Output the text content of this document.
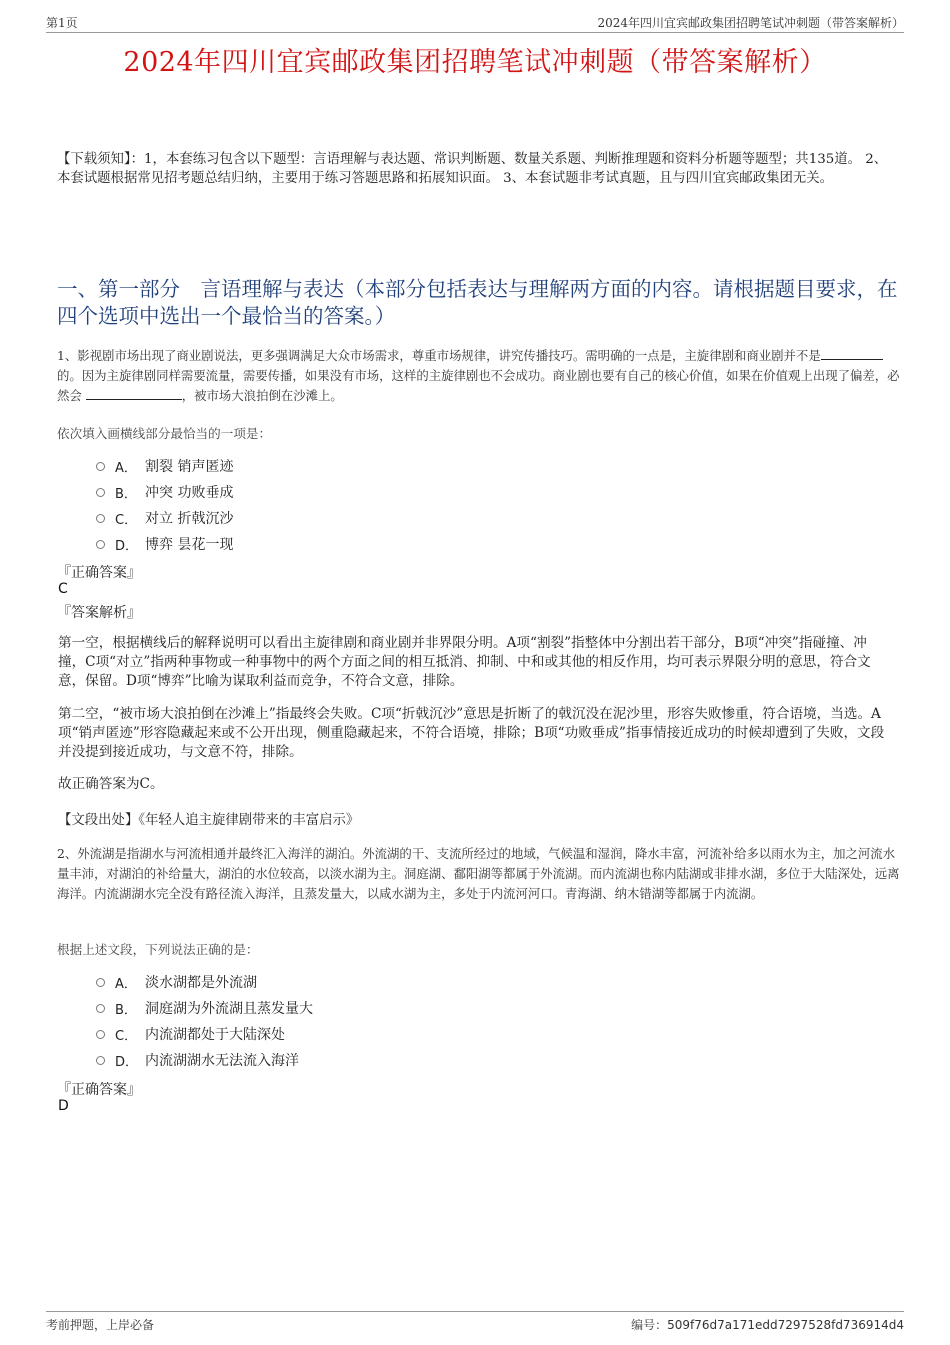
第1页	2024年四川宜宾邮政集团招聘笔试冲刺题（带答案解析）
2024年四川宜宾邮政集团招聘笔试冲刺题（带答案解析）
【下载须知】：1，本套练习包含以下题型：言语理解与表达题、常识判断题、数量关系题、判断推理题和资料分析题等题型；共135道。 2、本套试题根据常见招考题总结归纳，主要用于练习答题思路和拓展知识面。 3、本套试题非考试真题，且与四川宜宾邮政集团无关。
一、第一部分　言语理解与表达（本部分包括表达与理解两方面的内容。请根据题目要求，在四个选项中选出一个最恰当的答案。）
1、影视剧市场出现了商业剧说法，更多强调满足大众市场需求，尊重市场规律，讲究传播技巧。需明确的一点是，主旋律剧和商业剧并不是的。因为主旋律剧同样需要流量，需要传播，如果没有市场，这样的主旋律剧也不会成功。商业剧也要有自己的核心价值，如果在价值观上出现了偏差，必然会	，被市场大浪拍倒在沙滩上。
依次填入画横线部分最恰当的一项是：
A． 割裂 销声匿迹
B． 冲突 功败垂成
C． 对立 折戟沉沙
D． 博弈 昙花一现
『正确答案』
C
『答案解析』
第一空，根据横线后的解释说明可以看出主旋律剧和商业剧并非界限分明。A项“割裂”指整体中分割出若干部分，B项“冲突”指碰撞、冲撞，C项“对立”指两种事物或一种事物中的两个方面之间的相互抵消、抑制、中和或其他的相反作用，均可表示界限分明的意思，符合文意，保留。D项“博弈”比喻为谋取利益而竞争，不符合文意，排除。
第二空，“被市场大浪拍倒在沙滩上”指最终会失败。C项“折戟沉沙”意思是折断了的戟沉没在泥沙里，形容失败惨重，符合语境，当选。A项“销声匿迹”形容隐藏起来或不公开出现，侧重隐藏起来，不符合语境，排除；B项“功败垂成”指事情接近成功的时候却遭到了失败，文段并没提到接近成功，与文意不符，排除。
故正确答案为C。
【文段出处】《年轻人追主旋律剧带来的丰富启示》
2、外流湖是指湖水与河流相通并最终汇入海洋的湖泊。外流湖的干、支流所经过的地域，气候温和湿润，降水丰富，河流补给多以雨水为主，加之河流水量丰沛，对湖泊的补给量大，湖泊的水位较高，以淡水湖为主。洞庭湖、鄱阳湖等都属于外流湖。而内流湖也称内陆湖或非排水湖，多位于大陆深处，远离海洋。内流湖湖水完全没有路径流入海洋，且蒸发量大，以咸水湖为主，多处于内流河河口。青海湖、纳木错湖等都属于内流湖。
根据上述文段，下列说法正确的是：
A． 淡水湖都是外流湖
B． 洞庭湖为外流湖且蒸发量大
C． 内流湖都处于大陆深处
D． 内流湖湖水无法流入海洋
『正确答案』
D
考前押题，上岸必备	编号：509f76d7a171edd7297528fd736914d4
